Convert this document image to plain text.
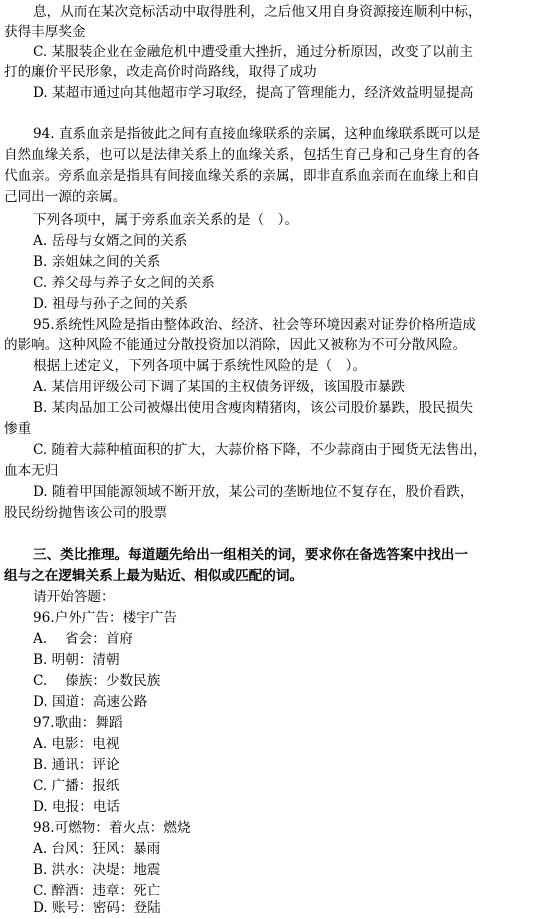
息，从而在某次竞标活动中取得胜利，之后他又用自身资源接连顺利中标，
获得丰厚奖金
C. 某服装企业在金融危机中遭受重大挫折，通过分析原因，改变了以前主
打的廉价平民形象，改走高价时尚路线，取得了成功
D. 某超市通过向其他超市学习取经，提高了管理能力，经济效益明显提高
94. 直系血亲是指彼此之间有直接血缘联系的亲属，这种血缘联系既可以是
自然血缘关系，也可以是法律关系上的血缘关系，包括生育己身和己身生育的各
代血亲。旁系血亲是指具有间接血缘关系的亲属，即非直系血亲而在血缘上和自
己同出一源的亲属。
下列各项中，属于旁系血亲关系的是（　）。
A. 岳母与女婿之间的关系
B. 亲姐妹之间的关系
C. 养父母与养子女之间的关系
D. 祖母与孙子之间的关系
95.系统性风险是指由整体政治、经济、社会等环境因素对证券价格所造成
的影响。这种风险不能通过分散投资加以消除，因此又被称为不可分散风险。
根据上述定义，下列各项中属于系统性风险的是（　）。
A. 某信用评级公司下调了某国的主权债务评级，该国股市暴跌
B. 某肉品加工公司被爆出使用含瘦肉精猪肉，该公司股价暴跌，股民损失
惨重
C. 随着大蒜种植面积的扩大，大蒜价格下降，不少蒜商由于囤货无法售出，
血本无归
D. 随着甲国能源领域不断开放，某公司的垄断地位不复存在，股价看跌，
股民纷纷抛售该公司的股票
三、类比推理。每道题先给出一组相关的词，要求你在备选答案中找出一
组与之在逻辑关系上最为贴近、相似或匹配的词。
请开始答题：
96.户外广告：楼宇广告
A. 　省会：首府
B. 明朝：清朝
C. 　傣族：少数民族
D. 国道：高速公路
97.歌曲：舞蹈
A. 电影：电视
B. 通讯：评论
C. 广播：报纸
D. 电报：电话
98.可燃物：着火点：燃烧
A. 台风：狂风：暴雨
B. 洪水：决堤：地震
C. 醉酒：违章：死亡
D. 账号：密码：登陆
